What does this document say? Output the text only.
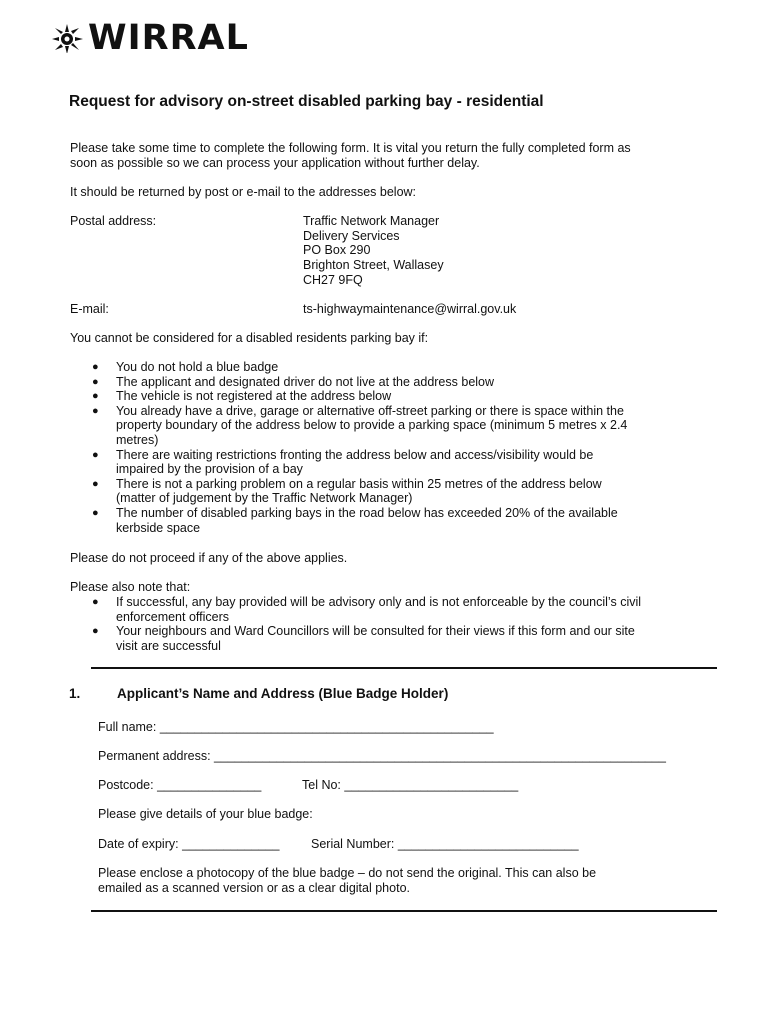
WIRRAL
Request for advisory on-street disabled parking bay - residential
Please take some time to complete the following form. It is vital you return the fully completed form as
soon as possible so we can process your application without further delay.
It should be returned by post or e-mail to the addresses below:
Postal address:	Traffic Network Manager
Delivery Services
PO Box 290
Brighton Street, Wallasey
CH27 9FQ
E-mail:	ts-highwaymaintenance@wirral.gov.uk
You cannot be considered for a disabled residents parking bay if:
● You do not hold a blue badge
● The applicant and designated driver do not live at the address below
● The vehicle is not registered at the address below
● You already have a drive, garage or alternative off-street parking or there is space within the
property boundary of the address below to provide a parking space (minimum 5 metres x 2.4
metres)
● There are waiting restrictions fronting the address below and access/visibility would be
impaired by the provision of a bay
● There is not a parking problem on a regular basis within 25 metres of the address below
(matter of judgement by the Traffic Network Manager)
● The number of disabled parking bays in the road below has exceeded 20% of the available
kerbside space
Please do not proceed if any of the above applies.
Please also note that:
● If successful, any bay provided will be advisory only and is not enforceable by the council’s civil
enforcement officers
● Your neighbours and Ward Councillors will be consulted for their views if this form and our site
visit are successful
1.	Applicant’s Name and Address (Blue Badge Holder)
Full name: ________________________________________________
Permanent address: _________________________________________________________________
Postcode: _______________	Tel No: _________________________
Please give details of your blue badge:
Date of expiry: ______________	Serial Number: __________________________
Please enclose a photocopy of the blue badge – do not send the original. This can also be
emailed as a scanned version or as a clear digital photo.
